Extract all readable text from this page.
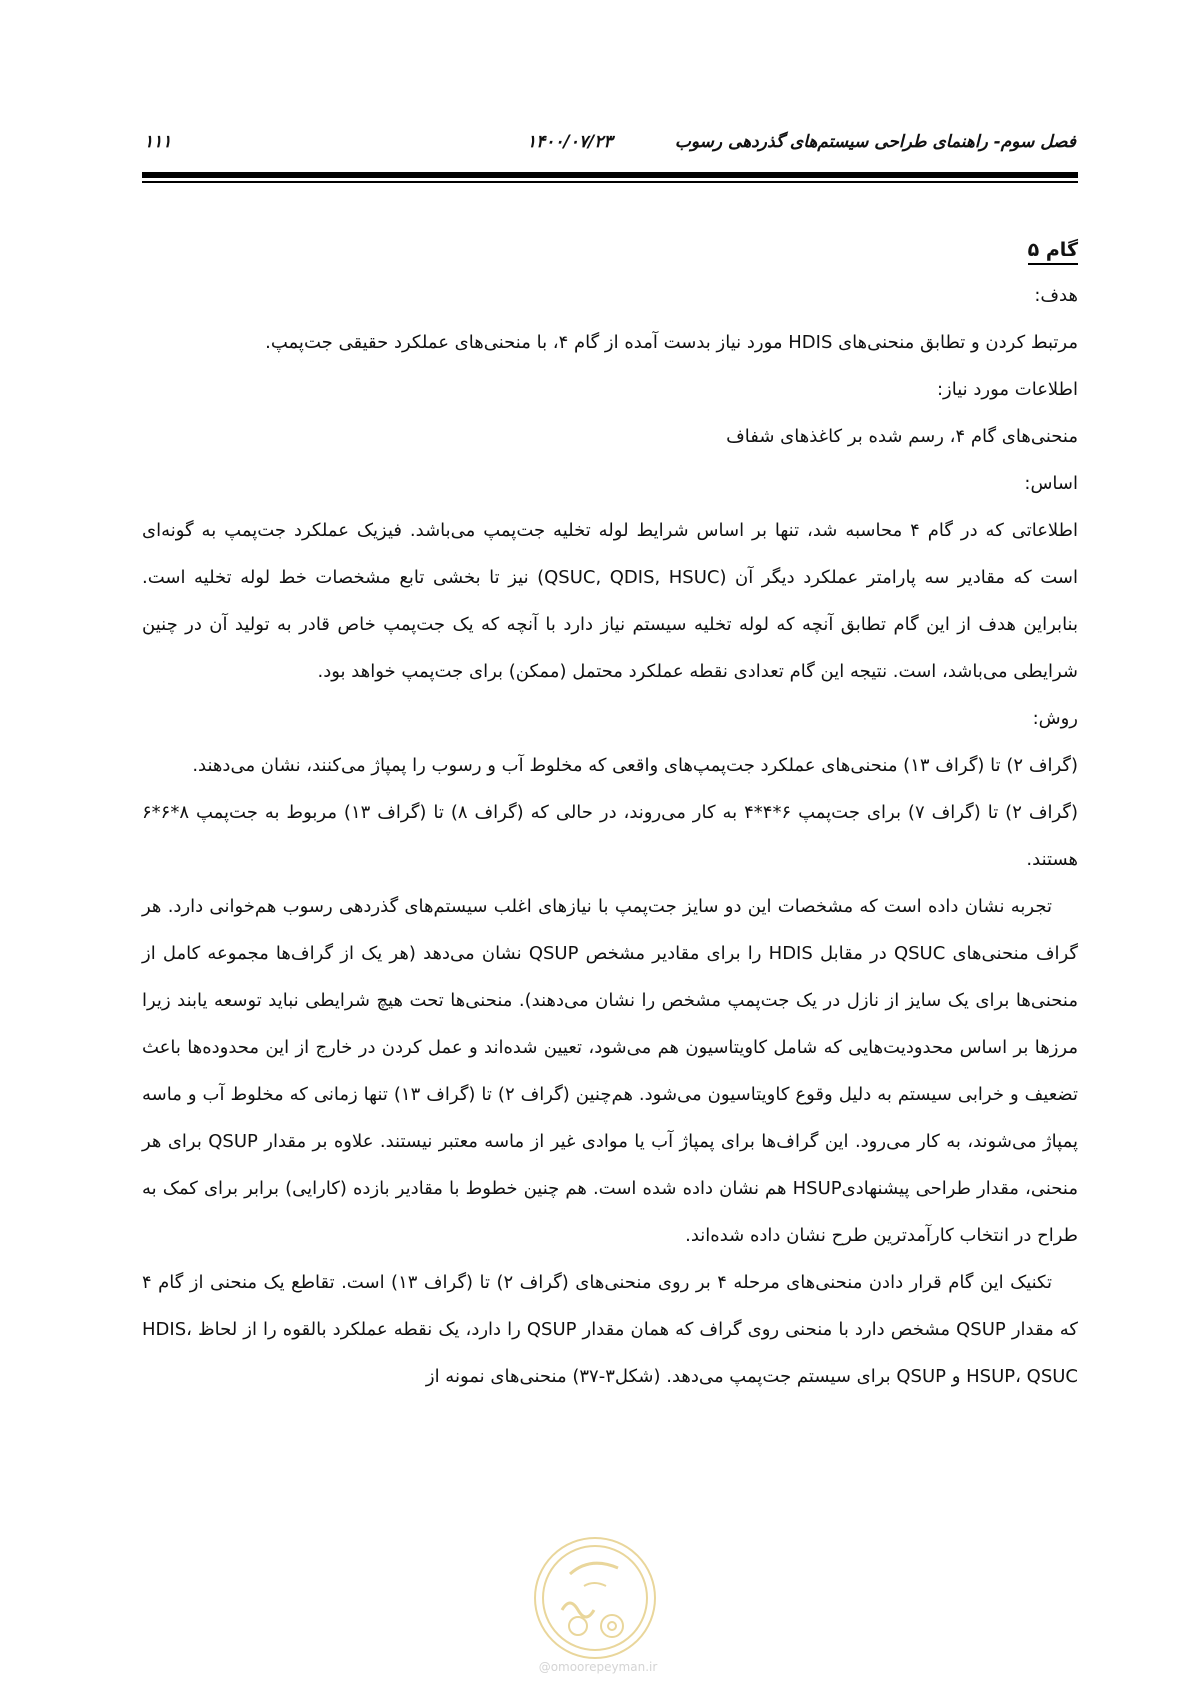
فصل سوم- راهنمای طراحی سیستم‌های گذردهی رسوب
۱۴۰۰/۰۷/۲۳
۱۱۱
گام ۵

هدف:

مرتبط کردن و تطابق منحنی‌های HDIS مورد نیاز بدست آمده از گام ۴، با منحنی‌های عملکرد حقیقی جت‌پمپ.

اطلاعات مورد نیاز:

منحنی‌های گام ۴، رسم شده بر کاغذهای شفاف

اساس:

اطلاعاتی که در گام ۴ محاسبه شد، تنها بر اساس شرایط لوله تخلیه جت‌پمپ می‌باشد. فیزیک عملکرد جت‌پمپ به گونه‌ای است که مقادیر سه پارامتر عملکرد دیگر آن (QSUC, QDIS, HSUC) نیز تا بخشی تابع مشخصات خط لوله تخلیه است. بنابراین هدف از این گام تطابق آنچه که لوله تخلیه سیستم نیاز دارد با آنچه که یک جت‌پمپ خاص قادر به تولید آن در چنین شرایطی می‌باشد، است. نتیجه این گام تعدادی نقطه عملکرد محتمل (ممکن) برای جت‌پمپ خواهد بود.

روش:

(گراف ۲) تا (گراف ۱۳) منحنی‌های عملکرد جت‌پمپ‌های واقعی که مخلوط آب و رسوب را پمپاژ می‌کنند، نشان می‌دهند.

(گراف ۲) تا (گراف ۷) برای جت‌پمپ ۶*۴*۴ به کار می‌روند، در حالی که (گراف ۸) تا (گراف ۱۳) مربوط به جت‌پمپ ۸*۶*۶ هستند.

تجربه نشان داده است که مشخصات این دو سایز جت‌پمپ با نیازهای اغلب سیستم‌های گذردهی رسوب هم‌خوانی دارد. هر گراف منحنی‌های QSUC در مقابل HDIS را برای مقادیر مشخص QSUP نشان می‌دهد (هر یک از گراف‌ها مجموعه کامل از منحنی‌ها برای یک سایز از نازل در یک جت‌پمپ مشخص را نشان می‌دهند). منحنی‌ها تحت هیچ شرایطی نباید توسعه یابند زیرا مرزها بر اساس محدودیت‌هایی که شامل کاویتاسیون هم می‌شود، تعیین شده‌اند و عمل کردن در خارج از این محدوده‌ها باعث تضعیف و خرابی سیستم به دلیل وقوع کاویتاسیون می‌شود. هم‌چنین (گراف ۲) تا (گراف ۱۳) تنها زمانی که مخلوط آب و ماسه پمپاژ می‌شوند، به کار می‌رود. این گراف‌ها برای پمپاژ آب یا موادی غیر از ماسه معتبر نیستند. علاوه بر مقدار QSUP برای هر منحنی، مقدار طراحی پیشنهادیHSUP هم نشان داده شده است. هم چنین خطوط با مقادیر بازده (کارایی) برابر برای کمک به طراح در انتخاب کارآمدترین طرح نشان داده شده‌اند.

تکنیک این گام قرار دادن منحنی‌های مرحله ۴ بر روی منحنی‌های (گراف ۲) تا (گراف ۱۳) است. تقاطع یک منحنی از گام ۴ که مقدار QSUP مشخص دارد با منحنی روی گراف که همان مقدار QSUP را دارد، یک نقطه عملکرد بالقوه را از لحاظ HDIS، HSUP، QSUC و QSUP برای سیستم جت‌پمپ می‌دهد. (شکل۳-۳۷) منحنی‌های نمونه از

@omoorepeyman.ir
